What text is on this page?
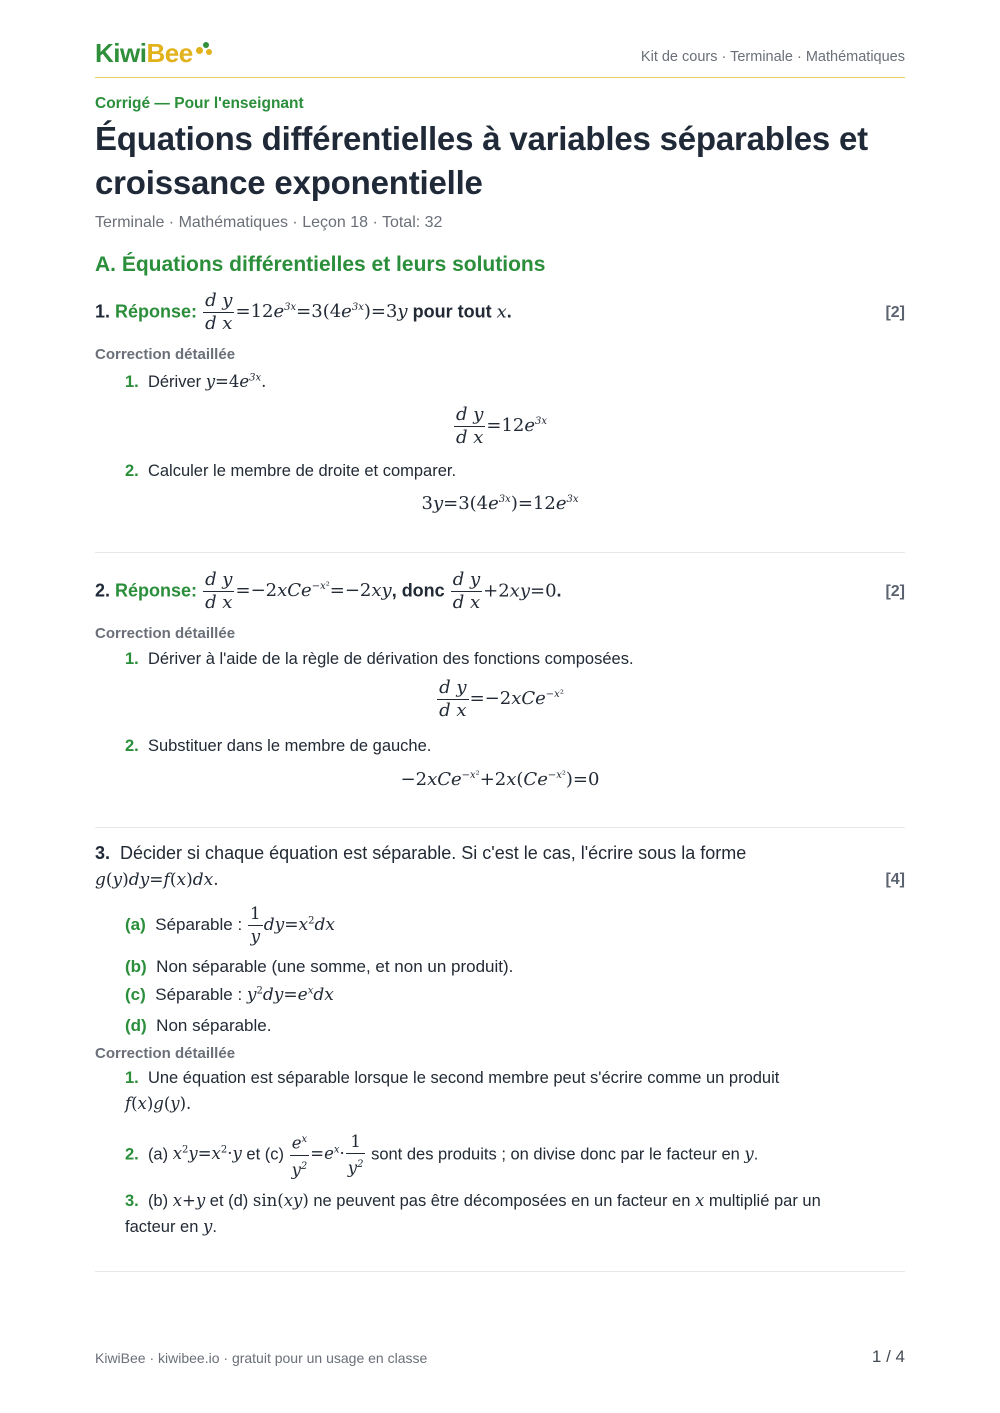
KiwiBee	Kit de cours · Terminale · Mathématiques
Corrigé — Pour l'enseignant
Équations différentielles à variables séparables et croissance exponentielle
Terminale · Mathématiques · Leçon 18 · Total: 32
A. Équations différentielles et leurs solutions
1. Réponse: $\frac{\text{d y}}{\text{d x}} =12e^{3x}=3(4e^{3x})=3y$ pour tout x.	[2]
Correction détaillée
1. Dériver $y=4e^{3x}$.
$\frac{\text{d y}}{\text{d x}} =12e^{3x}$
2. Calculer le membre de droite et comparer.
$3y=3(4e^{3x})=12e^{3x}$
2. Réponse: $\frac{\text{d y}}{\text{d x}} =-2xCe^{-x^2}=-2xy$, donc $\frac{\text{d y}}{\text{d x}} +2xy=0$.	[2]
Correction détaillée
1. Dériver à l'aide de la règle de dérivation des fonctions composées.
$\frac{\text{d y}}{\text{d x}} =-2xCe^{-x^2}$
2. Substituer dans le membre de gauche.
$-2xCe^{-x^2}+2x(Ce^{-x^2})=0$
3. Décider si chaque équation est séparable. Si c'est le cas, l'écrire sous la forme
g(y)dy=f(x)dx.	[4]
(a) Séparable : $\frac{1}{y} dy=x^2dx$
(b) Non séparable (une somme, et non un produit).
(c) Séparable : $y^2dy=e^xdx$
(d) Non séparable.
Correction détaillée
1. Une équation est séparable lorsque le second membre peut s'écrire comme un produit
f(x)g(y).
2. (a) $x^2y=x^2\cdot y$ et $(c) \frac{e^x}{y^2} =e^x\cdot \frac{1}{y^2}$ sont des produits ; on divise donc par le facteur en y.
3. (b) x+y et (d) sin(xy) ne peuvent pas être décomposées en un facteur en x multiplié par un
facteur en y.
KiwiBee · kiwibee.io · gratuit pour un usage en classe	1 / 4
